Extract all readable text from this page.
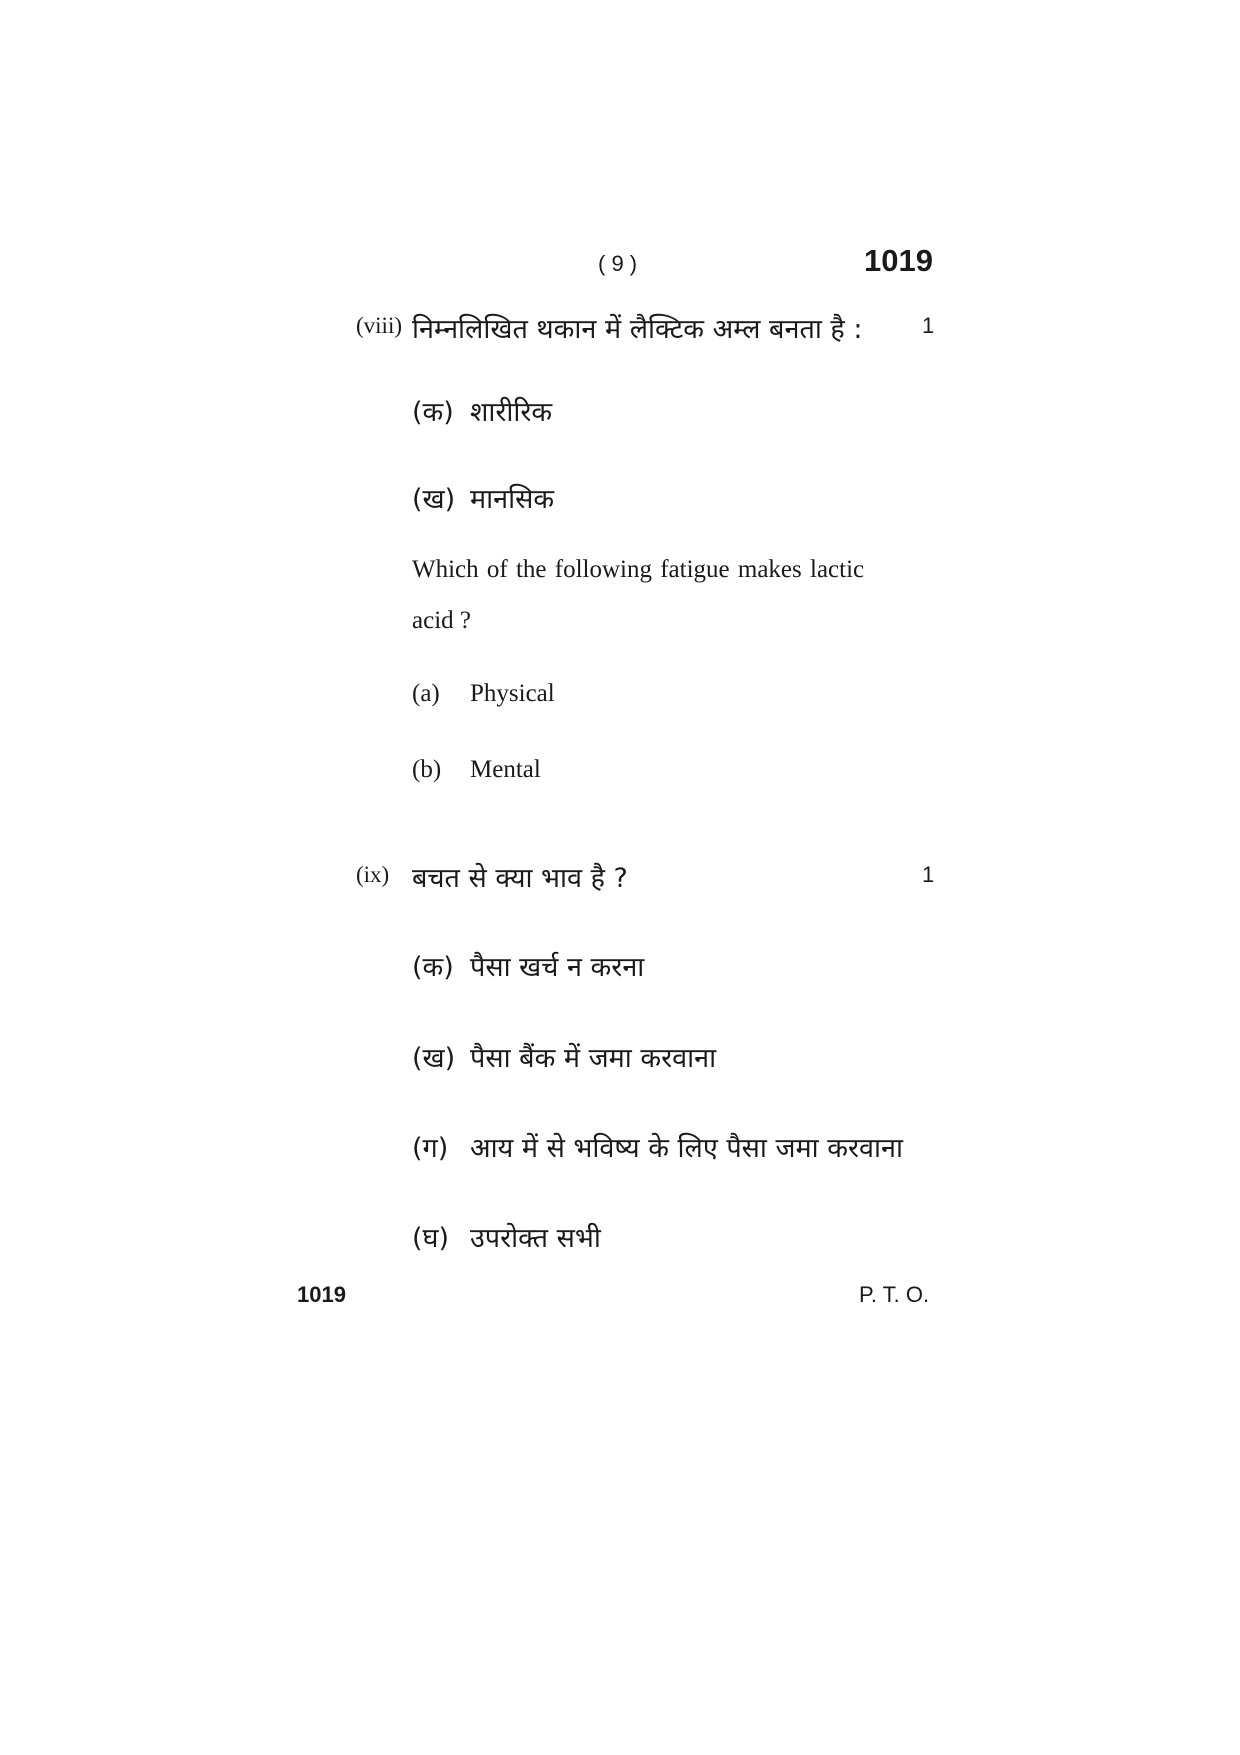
( 9 )	1019
(viii) निम्नलिखित थकान में लैक्टिक अम्ल बनता है :	1
(क) शारीरिक
(ख) मानसिक
Which of the following fatigue makes lactic
acid ?
(a) Physical
(b) Mental
(ix) बचत से क्या भाव है ?	1
(क) पैसा खर्च न करना
(ख) पैसा बैंक में जमा करवाना
(ग) आय में से भविष्य के लिए पैसा जमा करवाना
(घ) उपरोक्त सभी
1019	P. T. O.
